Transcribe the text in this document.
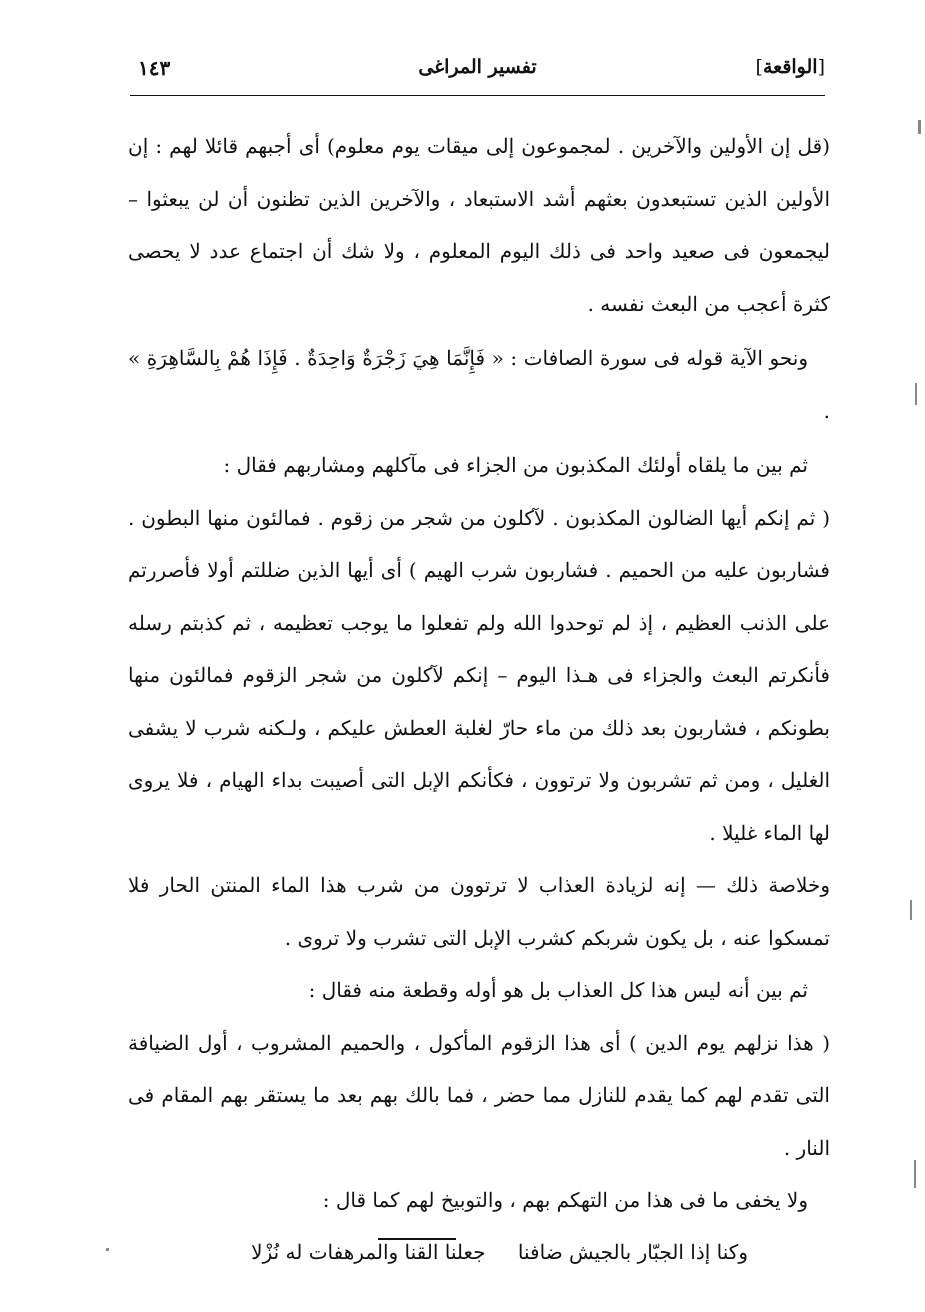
[الواقعة]
تفسير المراغى
١٤٣

(قل إن الأولين والآخرين . لمجموعون إلى ميقات يوم معلوم) أى أجبهم قائلا لهم : إن الأولين الذين تستبعدون بعثهم أشد الاستبعاد ، والآخرين الذين تظنون أن لن يبعثوا – ليجمعون فى صعيد واحد فى ذلك اليوم المعلوم ، ولا شك أن اجتماع عدد لا يحصى كثرة أعجب من البعث نفسه .

ونحو الآية قوله فى سورة الصافات : « فَإِنَّمَا هِيَ زَجْرَةٌ وَاحِدَةٌ . فَإِذَا هُمْ بِالسَّاهِرَةِ » .

ثم بين ما يلقاه أولئك المكذبون من الجزاء فى مآكلهم ومشاربهم فقال :

( ثم إنكم أيها الضالون المكذبون . لآكلون من شجر من زقوم . فمالئون منها البطون . فشاربون عليه من الحميم . فشاربون شرب الهيم ) أى أيها الذين ضللتم أولا فأصررتم على الذنب العظيم ، إذ لم توحدوا الله ولم تفعلوا ما يوجب تعظيمه ، ثم كذبتم رسله فأنكرتم البعث والجزاء فى هـذا اليوم – إنكم لآكلون من شجر الزقوم فمالئون منها بطونكم ، فشاربون بعد ذلك من ماء حارّ لغلبة العطش عليكم ، ولـكنه شرب لا يشفى الغليل ، ومن ثم تشربون ولا ترتوون ، فكأنكم الإبل التى أصيبت بداء الهيام ، فلا يروى لها الماء غليلا .

وخلاصة ذلك — إنه لزيادة العذاب لا ترتوون من شرب هذا الماء المنتن الحار فلا تمسكوا عنه ، بل يكون شربكم كشرب الإبل التى تشرب ولا تروى .

ثم بين أنه ليس هذا كل العذاب بل هو أوله وقطعة منه فقال :

( هذا نزلهم يوم الدين ) أى هذا الزقوم المأكول ، والحميم المشروب ، أول الضيافة التى تقدم لهم كما يقدم للنازل مما حضر ، فما بالك بهم بعد ما يستقر بهم المقام فى النار .

ولا يخفى ما فى هذا من التهكم بهم ، والتوبيخ لهم كما قال :

وكنا إذا الجبّار بالجيش ضافنا جعلنا القنا والمرهفات له نُزْلا
